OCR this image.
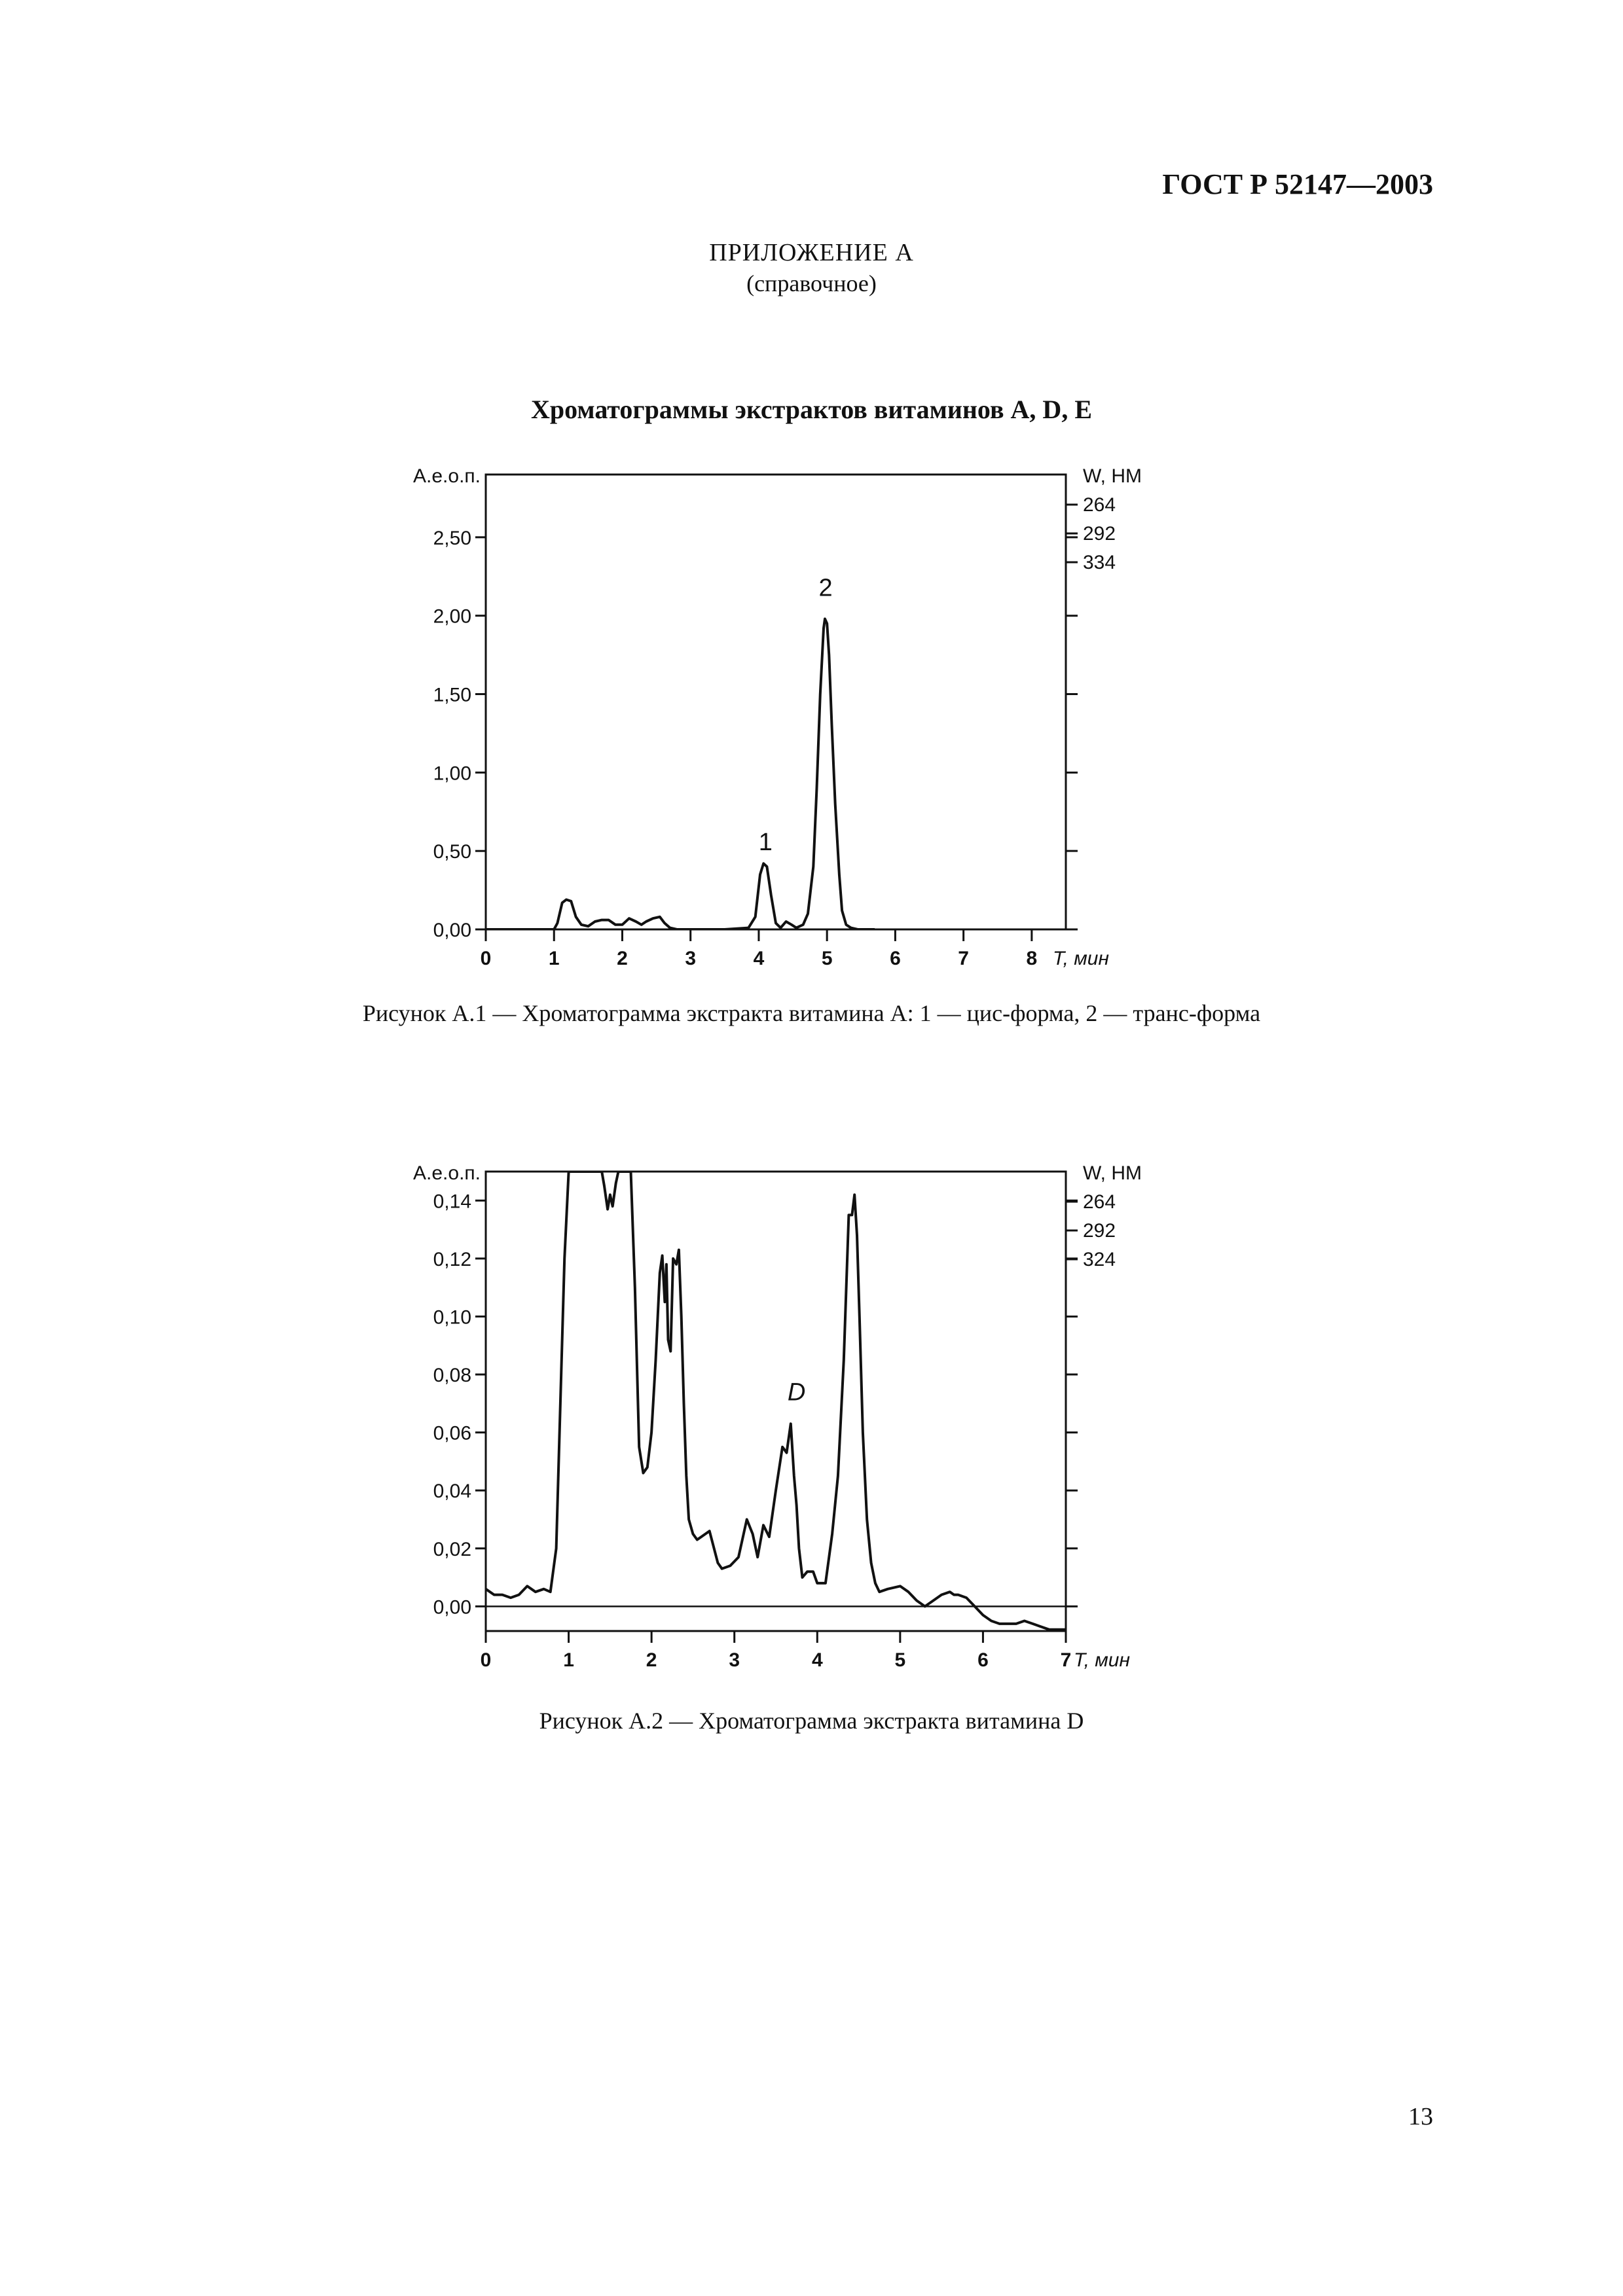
ГОСТ Р 52147—2003
ПРИЛОЖЕНИЕ А
(справочное)
Хроматограммы экстрактов витаминов A, D, E
0,00
0,50
1,00
1,50
2,00
2,50
0	1	2	3	4	5	6	7	8
А.е.о.п.
T, мин
W, НМ
264
292
334
1
2
Рисунок А.1 — Хроматограмма экстракта витамина А: 1 — цис-форма, 2 — транс-форма
0,00
0,02
0,04
0,06
0,08
0,10
0,12
0,14
0	1	2	3	4	5	6	7
А.е.о.п.
T, мин
W, НМ
264
292
324
D
Рисунок А.2 — Хроматограмма экстракта витамина D
13
